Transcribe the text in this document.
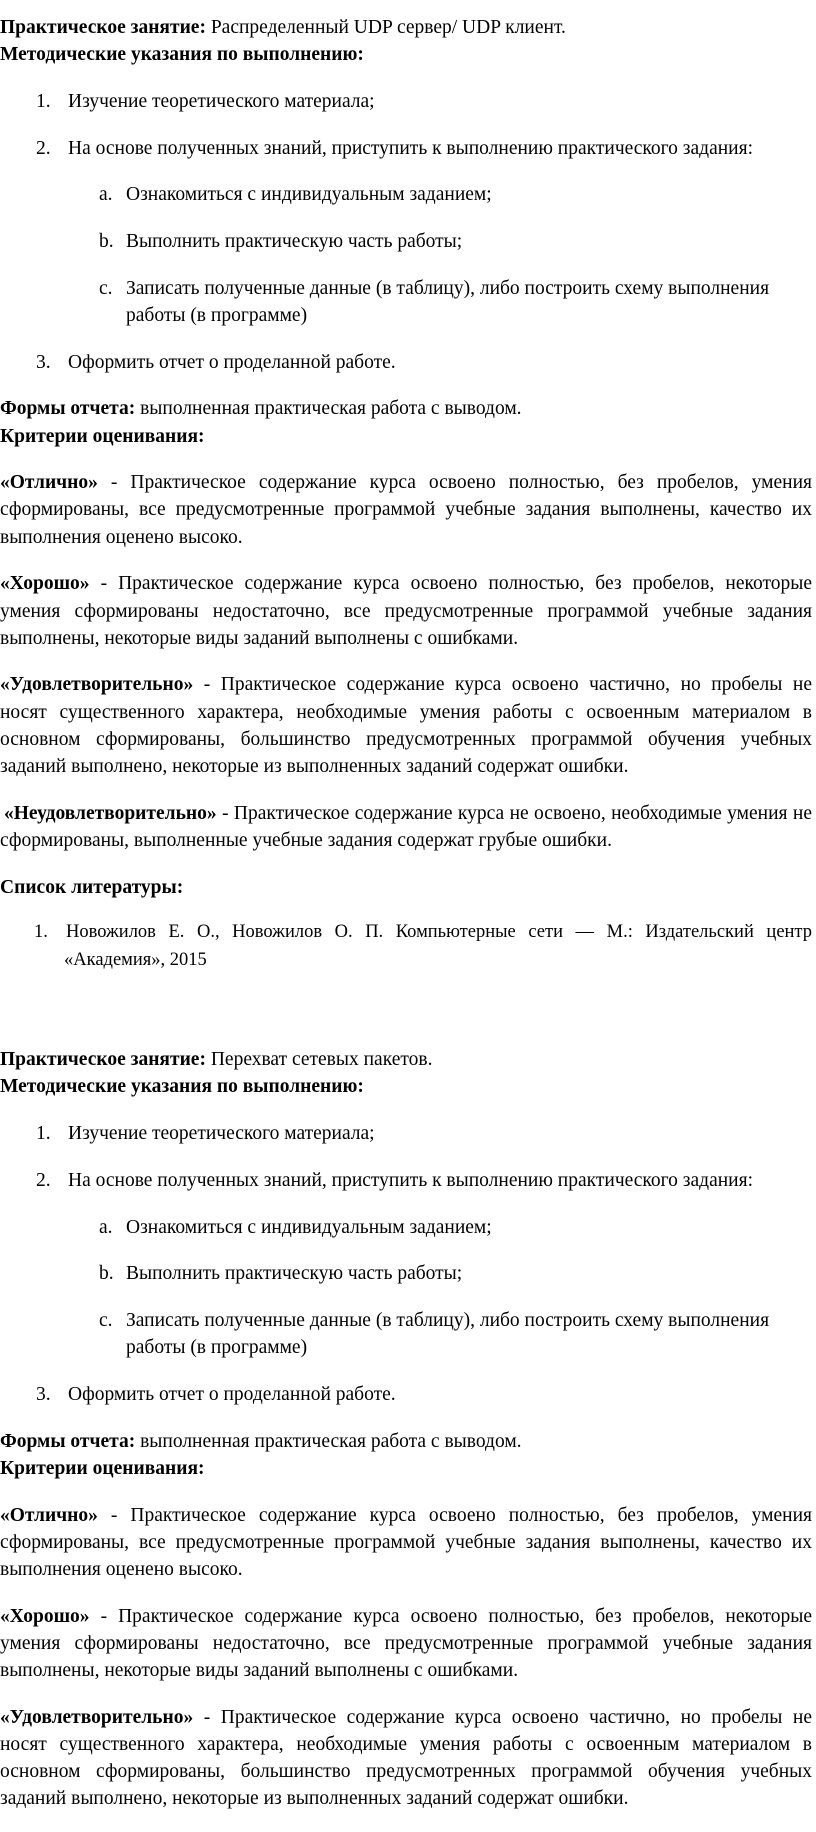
Практическое занятие: Распределенный UDP сервер/ UDP клиент.

Методические указания по выполнению:

1. Изучение теоретического материала;

2. На основе полученных знаний, приступить к выполнению практического задания:

a. Ознакомиться с индивидуальным заданием;

b. Выполнить практическую часть работы;

c. Записать полученные данные (в таблицу), либо построить схему выполнения работы (в программе)

3. Оформить отчет о проделанной работе.

Формы отчета: выполненная практическая работа с выводом.

Критерии оценивания:

«Отлично» - Практическое содержание курса освоено полностью, без пробелов, умения сформированы, все предусмотренные программой учебные задания выполнены, качество их выполнения оценено высоко.

«Хорошо» - Практическое содержание курса освоено полностью, без пробелов, некоторые умения сформированы недостаточно, все предусмотренные программой учебные задания выполнены, некоторые виды заданий выполнены с ошибками.

«Удовлетворительно» - Практическое содержание курса освоено частично, но пробелы не носят существенного характера, необходимые умения работы с освоенным материалом в основном сформированы, большинство предусмотренных программой обучения учебных заданий выполнено, некоторые из выполненных заданий содержат ошибки.

«Неудовлетворительно» - Практическое содержание курса не освоено, необходимые умения не сформированы, выполненные учебные задания содержат грубые ошибки.

Список литературы:

1. Новожилов Е. О., Новожилов О. П. Компьютерные сети — М.: Издательский центр «Академия», 2015

Практическое занятие: Перехват сетевых пакетов.

Методические указания по выполнению:

1. Изучение теоретического материала;

2. На основе полученных знаний, приступить к выполнению практического задания:

a. Ознакомиться с индивидуальным заданием;

b. Выполнить практическую часть работы;

c. Записать полученные данные (в таблицу), либо построить схему выполнения работы (в программе)

3. Оформить отчет о проделанной работе.

Формы отчета: выполненная практическая работа с выводом.

Критерии оценивания:

«Отлично» - Практическое содержание курса освоено полностью, без пробелов, умения сформированы, все предусмотренные программой учебные задания выполнены, качество их выполнения оценено высоко.

«Хорошо» - Практическое содержание курса освоено полностью, без пробелов, некоторые умения сформированы недостаточно, все предусмотренные программой учебные задания выполнены, некоторые виды заданий выполнены с ошибками.

«Удовлетворительно» - Практическое содержание курса освоено частично, но пробелы не носят существенного характера, необходимые умения работы с освоенным материалом в основном сформированы, большинство предусмотренных программой обучения учебных заданий выполнено, некоторые из выполненных заданий содержат ошибки.
